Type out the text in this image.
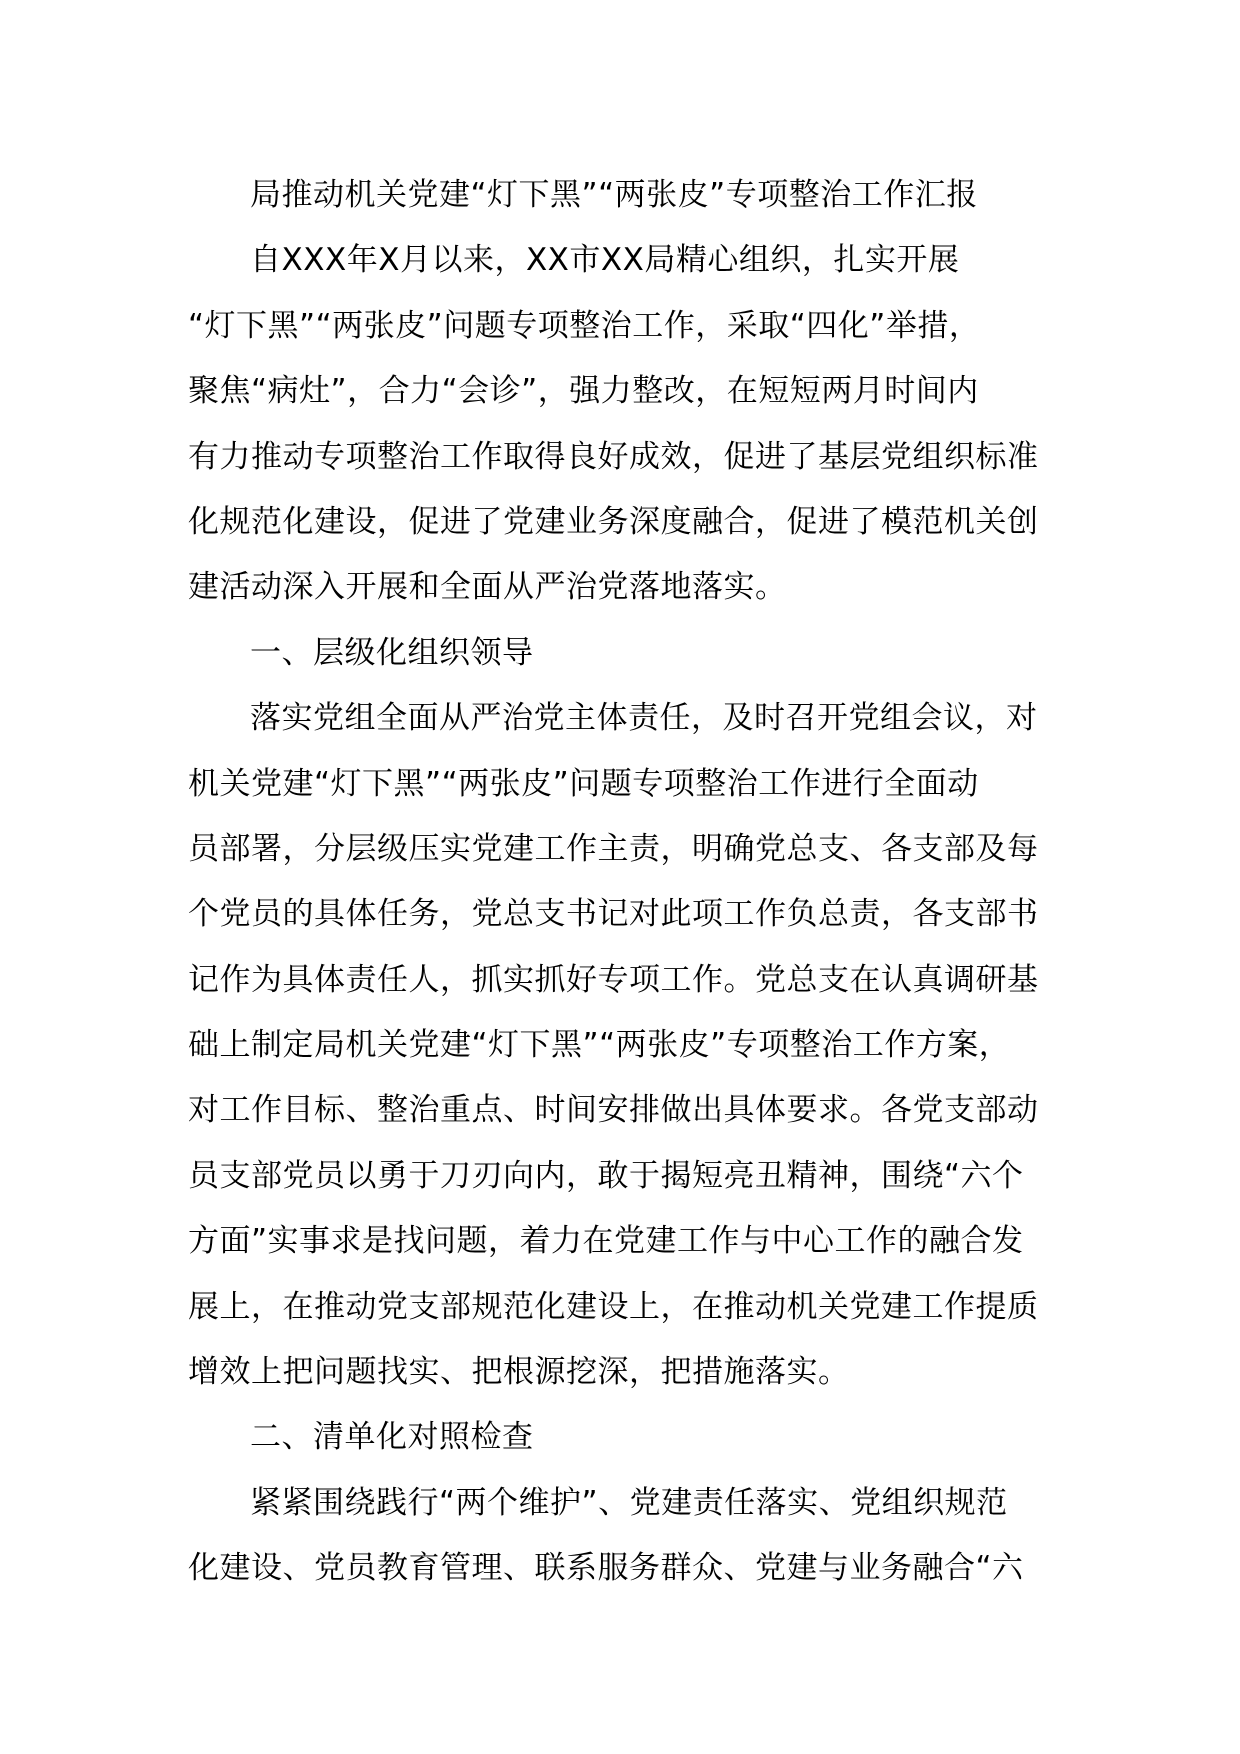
局推动机关党建“灯下黑”“两张皮”专项整治工作汇报
自XXX年X月以来，XX市XX局精心组织，扎实开展
“灯下黑”“两张皮”问题专项整治工作，采取“四化”举措，
聚焦“病灶”，合力“会诊”，强力整改，在短短两月时间内
有力推动专项整治工作取得良好成效，促进了基层党组织标准
化规范化建设，促进了党建业务深度融合，促进了模范机关创
建活动深入开展和全面从严治党落地落实。
一、层级化组织领导
落实党组全面从严治党主体责任，及时召开党组会议，对
机关党建“灯下黑”“两张皮”问题专项整治工作进行全面动
员部署，分层级压实党建工作主责，明确党总支、各支部及每
个党员的具体任务，党总支书记对此项工作负总责，各支部书
记作为具体责任人，抓实抓好专项工作。党总支在认真调研基
础上制定局机关党建“灯下黑”“两张皮”专项整治工作方案，
对工作目标、整治重点、时间安排做出具体要求。各党支部动
员支部党员以勇于刀刃向内，敢于揭短亮丑精神，围绕“六个
方面”实事求是找问题，着力在党建工作与中心工作的融合发
展上，在推动党支部规范化建设上，在推动机关党建工作提质
增效上把问题找实、把根源挖深，把措施落实。
二、清单化对照检查
紧紧围绕践行“两个维护”、党建责任落实、党组织规范
化建设、党员教育管理、联系服务群众、党建与业务融合“六
